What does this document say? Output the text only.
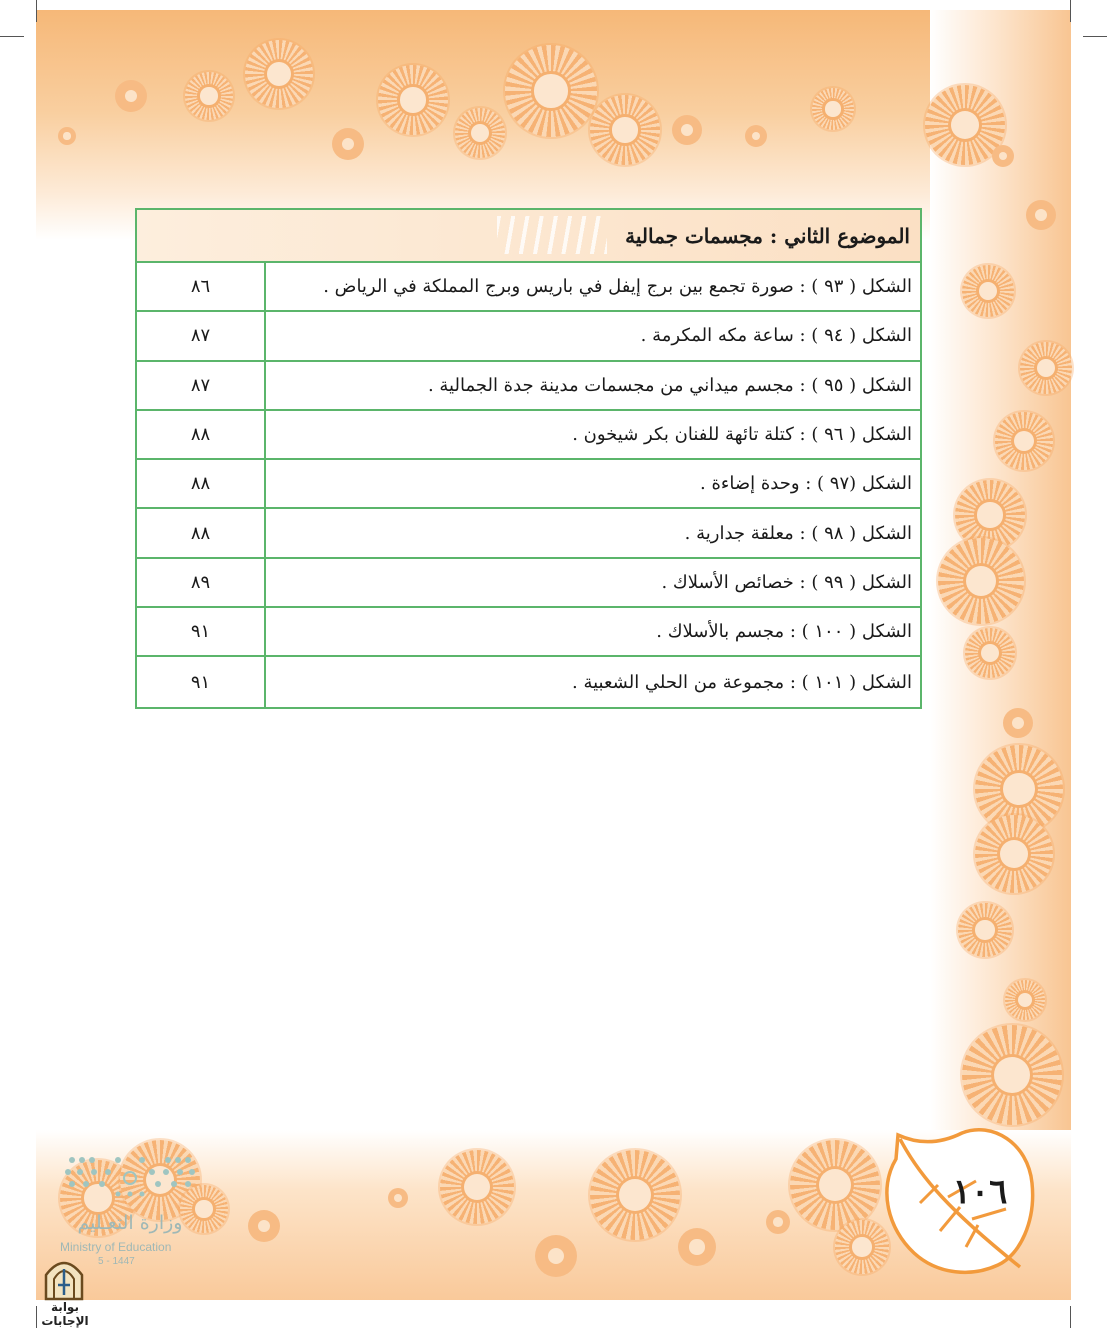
الموضوع الثاني : مجسمات جمالية
الشكل ( ٩٣ ) : صورة تجمع بين برج إيفل في باريس وبرج المملكة في الرياض .
٨٦
الشكل ( ٩٤ ) : ساعة مكه المكرمة .
٨٧
الشكل ( ٩٥ ) : مجسم ميداني من مجسمات مدينة جدة الجمالية .
٨٧
الشكل ( ٩٦ ) : كتلة تائهة للفنان بكر شيخون .
٨٨
الشكل (٩٧ ) : وحدة إضاءة .
٨٨
الشكل ( ٩٨ ) : معلقة جدارية .
٨٨
الشكل ( ٩٩ ) : خصائص الأسلاك .
٨٩
الشكل ( ١٠٠ ) : مجسم بالأسلاك .
٩١
الشكل ( ١٠١ ) : مجموعة من الحلي الشعبية .
٩١
١٠٦
وزارة التعـليم
Ministry of Education
5 - 1447
بوابة الإجابات
